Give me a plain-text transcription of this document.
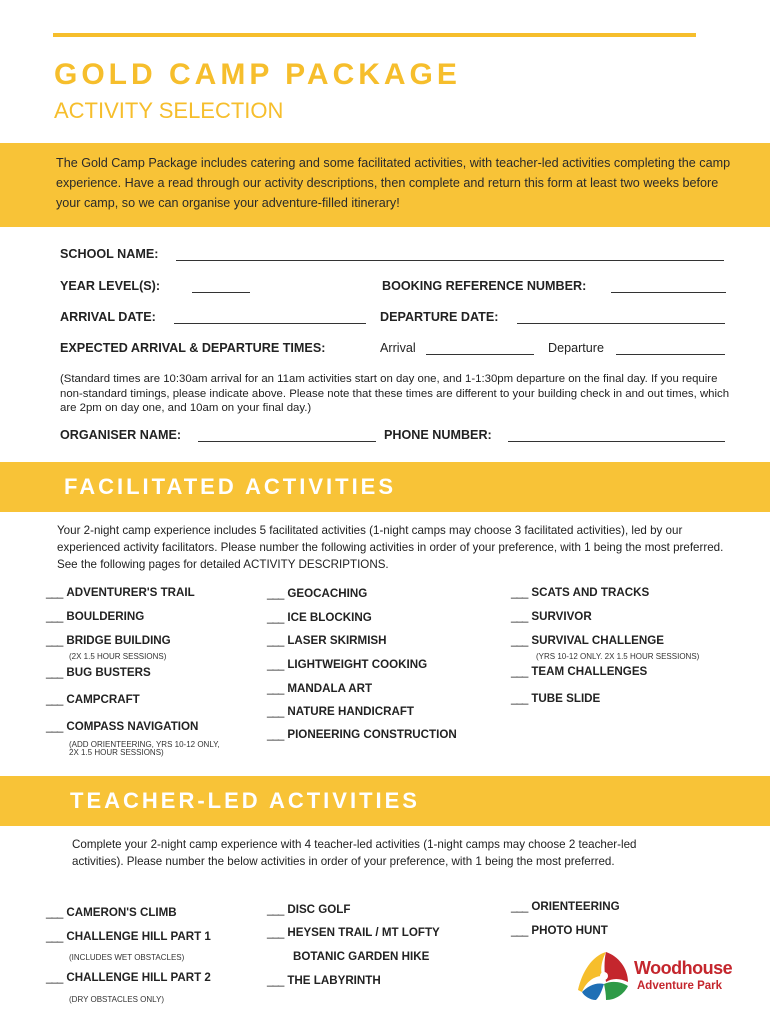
GOLD CAMP PACKAGE
ACTIVITY SELECTION
The Gold Camp Package includes catering and some facilitated activities, with teacher-led activities completing the camp experience. Have a read through our activity descriptions, then complete and return this form at least two weeks before your camp, so we can organise your adventure-filled itinerary!
SCHOOL NAME:
YEAR LEVEL(S):	BOOKING REFERENCE NUMBER:
ARRIVAL DATE:	DEPARTURE DATE:
EXPECTED ARRIVAL & DEPARTURE TIMES:	Arrival	Departure
(Standard times are 10:30am arrival for an 11am activities start on day one, and 1-1:30pm departure on the final day. If you require non-standard timings, please indicate above. Please note that these times are different to your building check in and out times, which are 2pm on day one, and 10am on your final day.)
ORGANISER NAME:	PHONE NUMBER:
FACILITATED ACTIVITIES
Your 2-night camp experience includes 5 facilitated activities (1-night camps may choose 3 facilitated activities), led by our experienced activity facilitators. Please number the following activities in order of your preference, with 1 being the most preferred. See the following pages for detailed ACTIVITY DESCRIPTIONS.
___ ADVENTURER'S TRAIL
___ BOULDERING
___ BRIDGE BUILDING
(2X 1.5 HOUR SESSIONS)
___ BUG BUSTERS
___ CAMPCRAFT
___ COMPASS NAVIGATION
(ADD ORIENTEERING, YRS 10-12 ONLY,
2X 1.5 HOUR SESSIONS)
___ GEOCACHING
___ ICE BLOCKING
___ LASER SKIRMISH
___ LIGHTWEIGHT COOKING
___ MANDALA ART
___ NATURE HANDICRAFT
___ PIONEERING CONSTRUCTION
___ SCATS AND TRACKS
___ SURVIVOR
___ SURVIVAL CHALLENGE
(YRS 10-12 ONLY. 2X 1.5 HOUR SESSIONS)
___ TEAM CHALLENGES
___ TUBE SLIDE
TEACHER-LED ACTIVITIES
Complete your 2-night camp experience with 4 teacher-led activities (1-night camps may choose 2 teacher-led activities). Please number the below activities in order of your preference, with 1 being the most preferred.
___ CAMERON'S CLIMB
___ CHALLENGE HILL PART 1
(INCLUDES WET OBSTACLES)
___ CHALLENGE HILL PART 2
(DRY OBSTACLES ONLY)
___ DISC GOLF
___ HEYSEN TRAIL / MT LOFTY
BOTANIC GARDEN HIKE
___ THE LABYRINTH
___ ORIENTEERING
___ PHOTO HUNT
Woodhouse
Adventure Park
